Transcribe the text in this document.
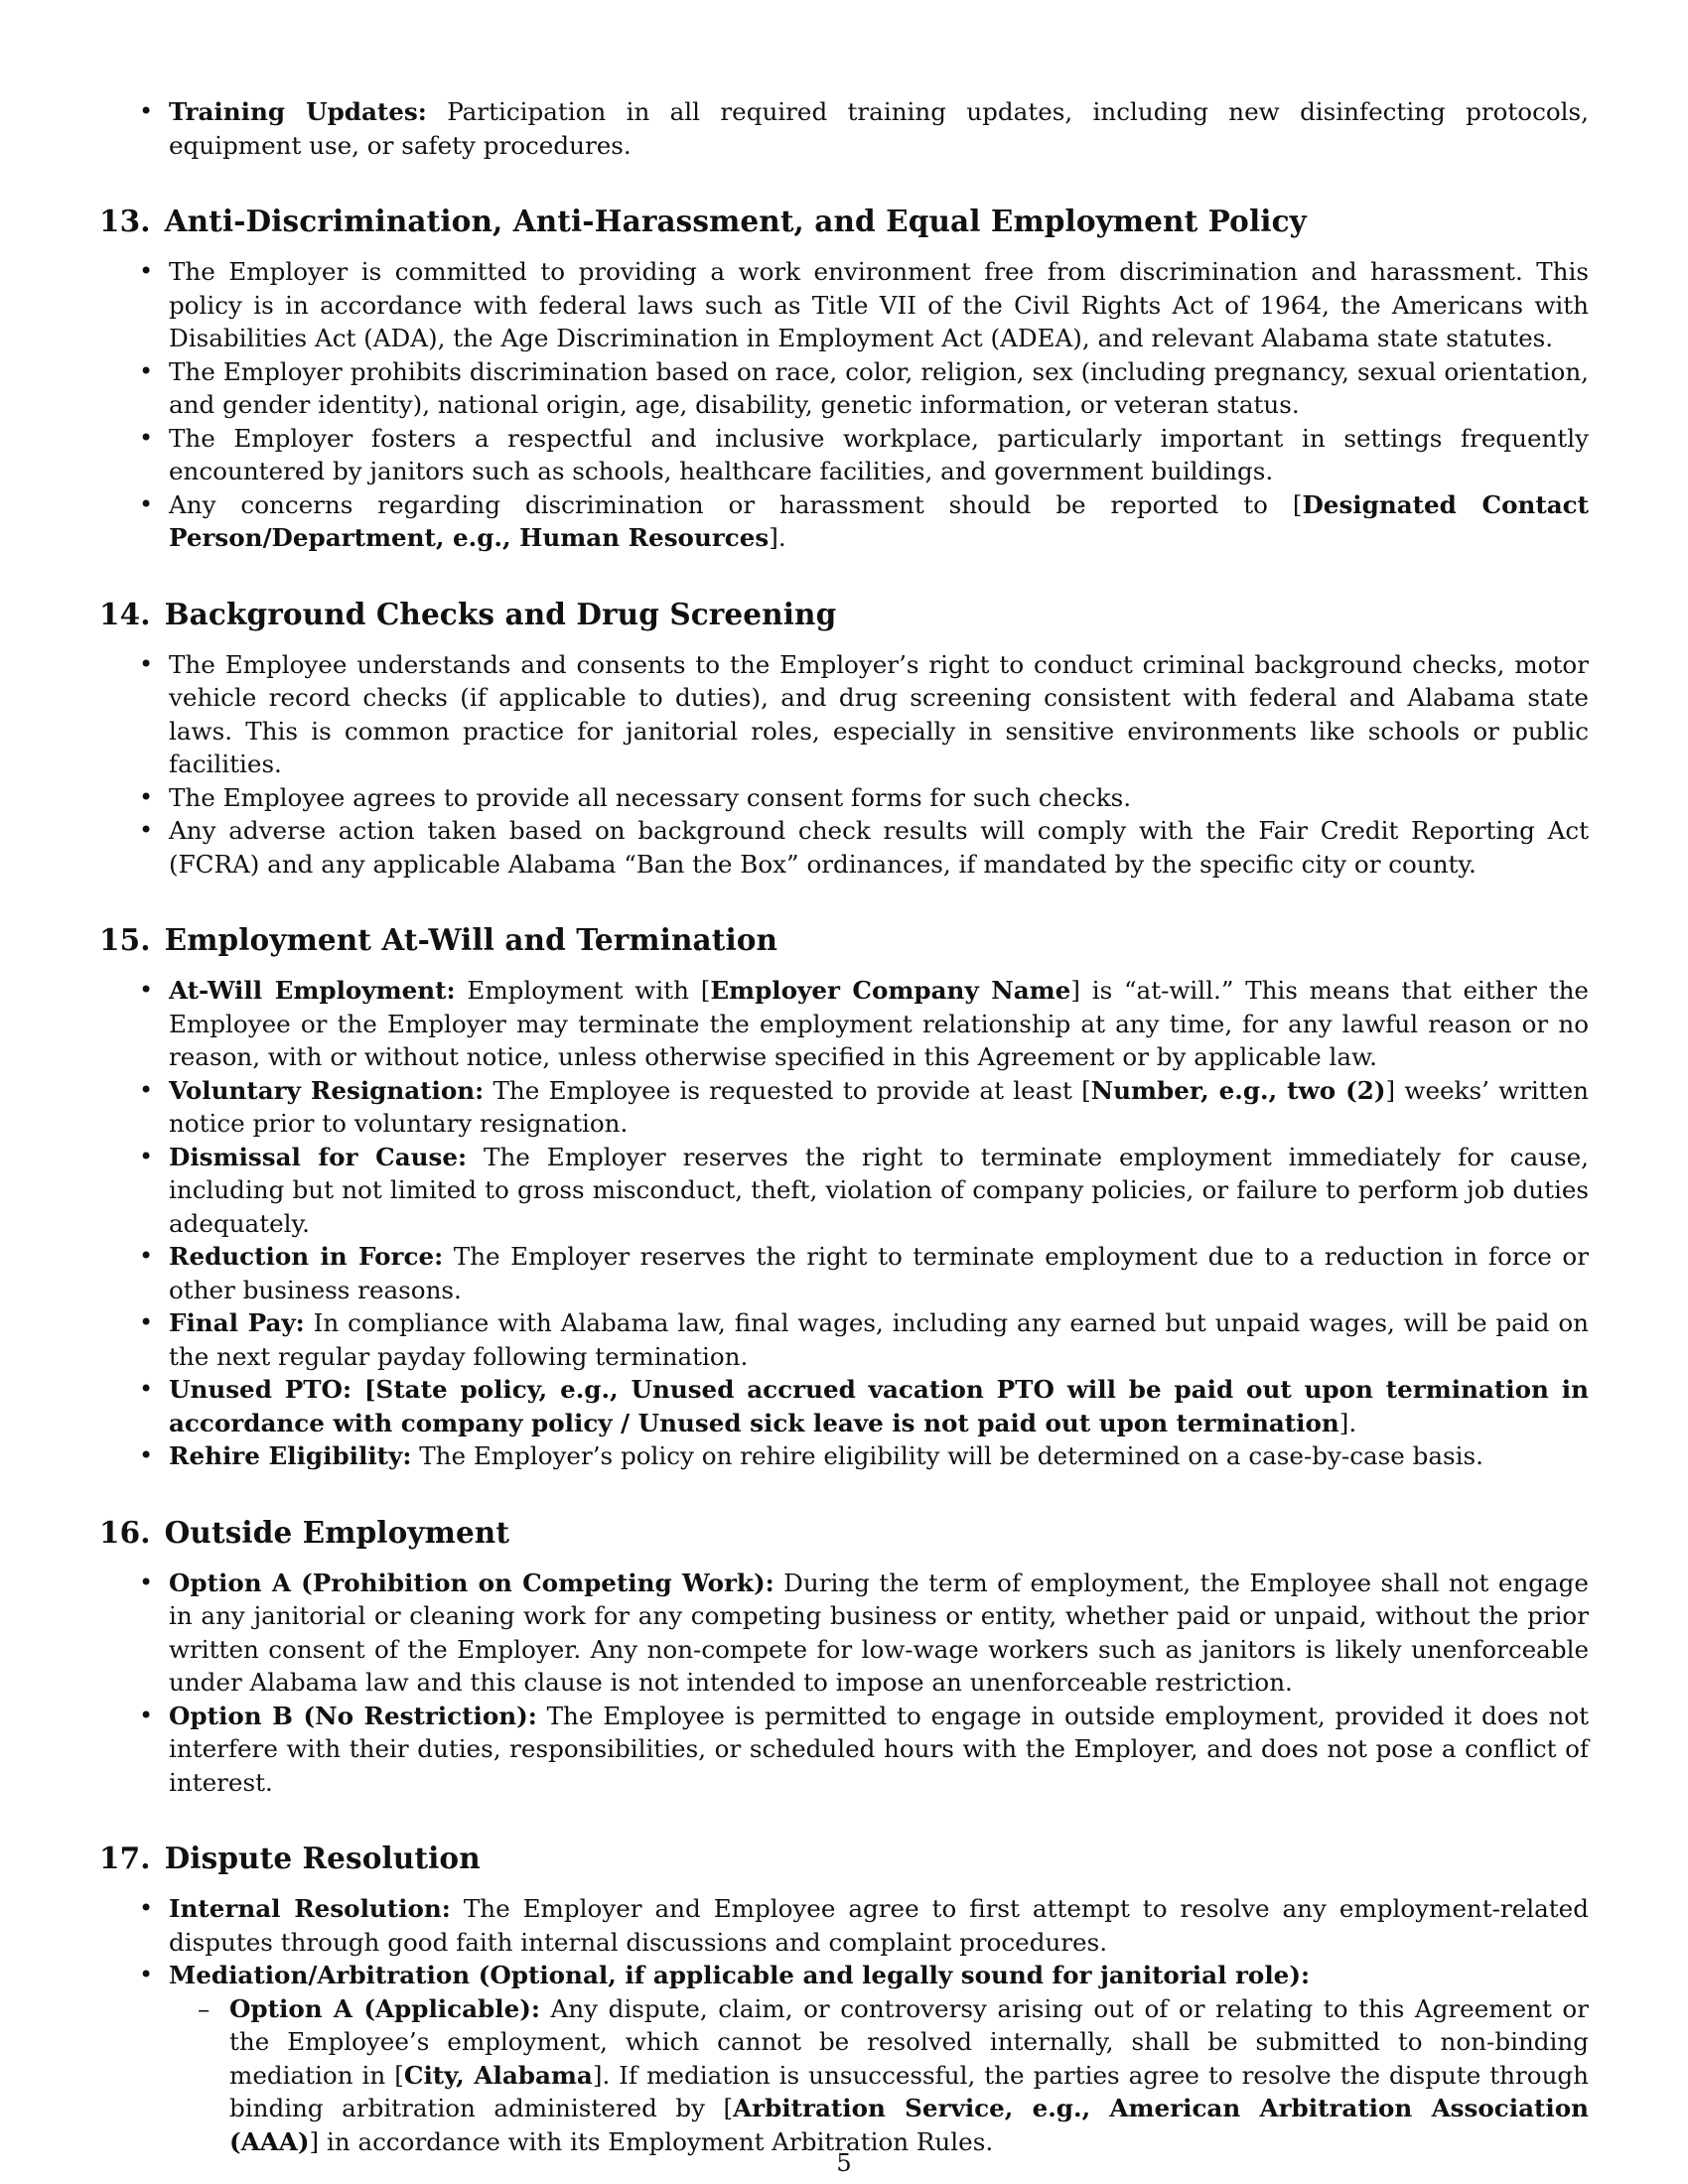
• Training Updates: Participation in all required training updates, including new disinfecting protocols, equipment use, or safety procedures.
13. Anti-Discrimination, Anti-Harassment, and Equal Employment Policy
• The Employer is committed to providing a work environment free from discrimination and harassment. This policy is in accordance with federal laws such as Title VII of the Civil Rights Act of 1964, the Americans with Disabilities Act (ADA), the Age Discrimination in Employment Act (ADEA), and relevant Alabama state statutes.
• The Employer prohibits discrimination based on race, color, religion, sex (including pregnancy, sexual orientation, and gender identity), national origin, age, disability, genetic information, or veteran status.
• The Employer fosters a respectful and inclusive workplace, particularly important in settings frequently encountered by janitors such as schools, healthcare facilities, and government buildings.
• Any concerns regarding discrimination or harassment should be reported to [Designated Contact Person/Department, e.g., Human Resources].
14. Background Checks and Drug Screening
• The Employee understands and consents to the Employer’s right to conduct criminal background checks, motor vehicle record checks (if applicable to duties), and drug screening consistent with federal and Alabama state laws. This is common practice for janitorial roles, especially in sensitive environments like schools or public facilities.
• The Employee agrees to provide all necessary consent forms for such checks.
• Any adverse action taken based on background check results will comply with the Fair Credit Reporting Act (FCRA) and any applicable Alabama “Ban the Box” ordinances, if mandated by the specific city or county.
15. Employment At-Will and Termination
• At-Will Employment: Employment with [Employer Company Name] is “at-will.” This means that either the Employee or the Employer may terminate the employment relationship at any time, for any lawful reason or no reason, with or without notice, unless otherwise specified in this Agreement or by applicable law.
• Voluntary Resignation: The Employee is requested to provide at least [Number, e.g., two (2)] weeks’ written notice prior to voluntary resignation.
• Dismissal for Cause: The Employer reserves the right to terminate employment immediately for cause, including but not limited to gross misconduct, theft, violation of company policies, or failure to perform job duties adequately.
• Reduction in Force: The Employer reserves the right to terminate employment due to a reduction in force or other business reasons.
• Final Pay: In compliance with Alabama law, final wages, including any earned but unpaid wages, will be paid on the next regular payday following termination.
• Unused PTO: [State policy, e.g., Unused accrued vacation PTO will be paid out upon termination in accordance with company policy / Unused sick leave is not paid out upon termination].
• Rehire Eligibility: The Employer’s policy on rehire eligibility will be determined on a case-by-case basis.
16. Outside Employment
• Option A (Prohibition on Competing Work): During the term of employment, the Employee shall not engage in any janitorial or cleaning work for any competing business or entity, whether paid or unpaid, without the prior written consent of the Employer. Any non-compete for low-wage workers such as janitors is likely unenforceable under Alabama law and this clause is not intended to impose an unenforceable restriction.
• Option B (No Restriction): The Employee is permitted to engage in outside employment, provided it does not interfere with their duties, responsibilities, or scheduled hours with the Employer, and does not pose a conflict of interest.
17. Dispute Resolution
• Internal Resolution: The Employer and Employee agree to first attempt to resolve any employment-related disputes through good faith internal discussions and complaint procedures.
• Mediation/Arbitration (Optional, if applicable and legally sound for janitorial role):
– Option A (Applicable): Any dispute, claim, or controversy arising out of or relating to this Agreement or the Employee’s employment, which cannot be resolved internally, shall be submitted to non-binding mediation in [City, Alabama]. If mediation is unsuccessful, the parties agree to resolve the dispute through binding arbitration administered by [Arbitration Service, e.g., American Arbitration Association (AAA)] in accordance with its Employment Arbitration Rules.
5
